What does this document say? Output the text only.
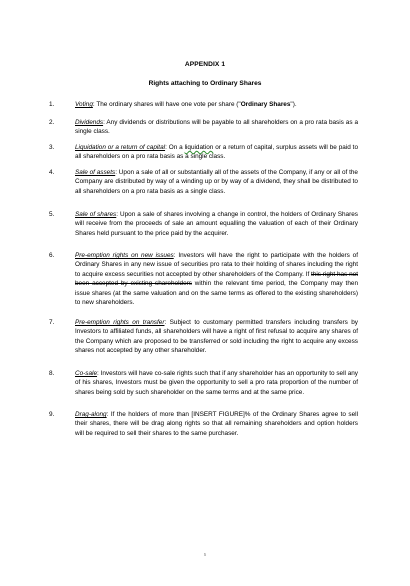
APPENDIX 1
Rights attaching to Ordinary Shares
1.	Voting: The ordinary shares will have one vote per share ("Ordinary Shares").
2.	Dividends: Any dividends or distributions will be payable to all shareholders on a pro rata basis as a single class.
3.	Liquidation or a return of capital: On a liquidation or a return of capital, surplus assets will be paid to all shareholders on a pro rata basis as a single class.
4.	Sale of assets: Upon a sale of all or substantially all of the assets of the Company, if any or all of the Company are distributed by way of a winding up or by way of a dividend, they shall be distributed to all shareholders on a pro rata basis as a single class.
5.	Sale of shares: Upon a sale of shares involving a change in control, the holders of Ordinary Shares will receive from the proceeds of sale an amount equalling the valuation of each of their Ordinary Shares held pursuant to the price paid by the acquirer.
6.	Pre-emption rights on new issues: Investors will have the right to participate with the holders of Ordinary Shares in any new issue of securities pro rata to their holding of shares including the right to acquire excess securities not accepted by other shareholders of the Company. If this right has not been accepted by existing shareholders within the relevant time period, the Company may then issue shares (at the same valuation and on the same terms as offered to the existing shareholders) to new shareholders.
7.	Pre-emption rights on transfer: Subject to customary permitted transfers including transfers by Investors to affiliated funds, all shareholders will have a right of first refusal to acquire any shares of the Company which are proposed to be transferred or sold including the right to acquire any excess shares not accepted by any other shareholder.
8.	Co-sale: Investors will have co-sale rights such that if any shareholder has an opportunity to sell any of his shares, Investors must be given the opportunity to sell a pro rata proportion of the number of shares being sold by such shareholder on the same terms and at the same price.
9.	Drag-along: If the holders of more than [INSERT FIGURE]% of the Ordinary Shares agree to sell their shares, there will be drag along rights so that all remaining shareholders and option holders will be required to sell their shares to the same purchaser.
5
